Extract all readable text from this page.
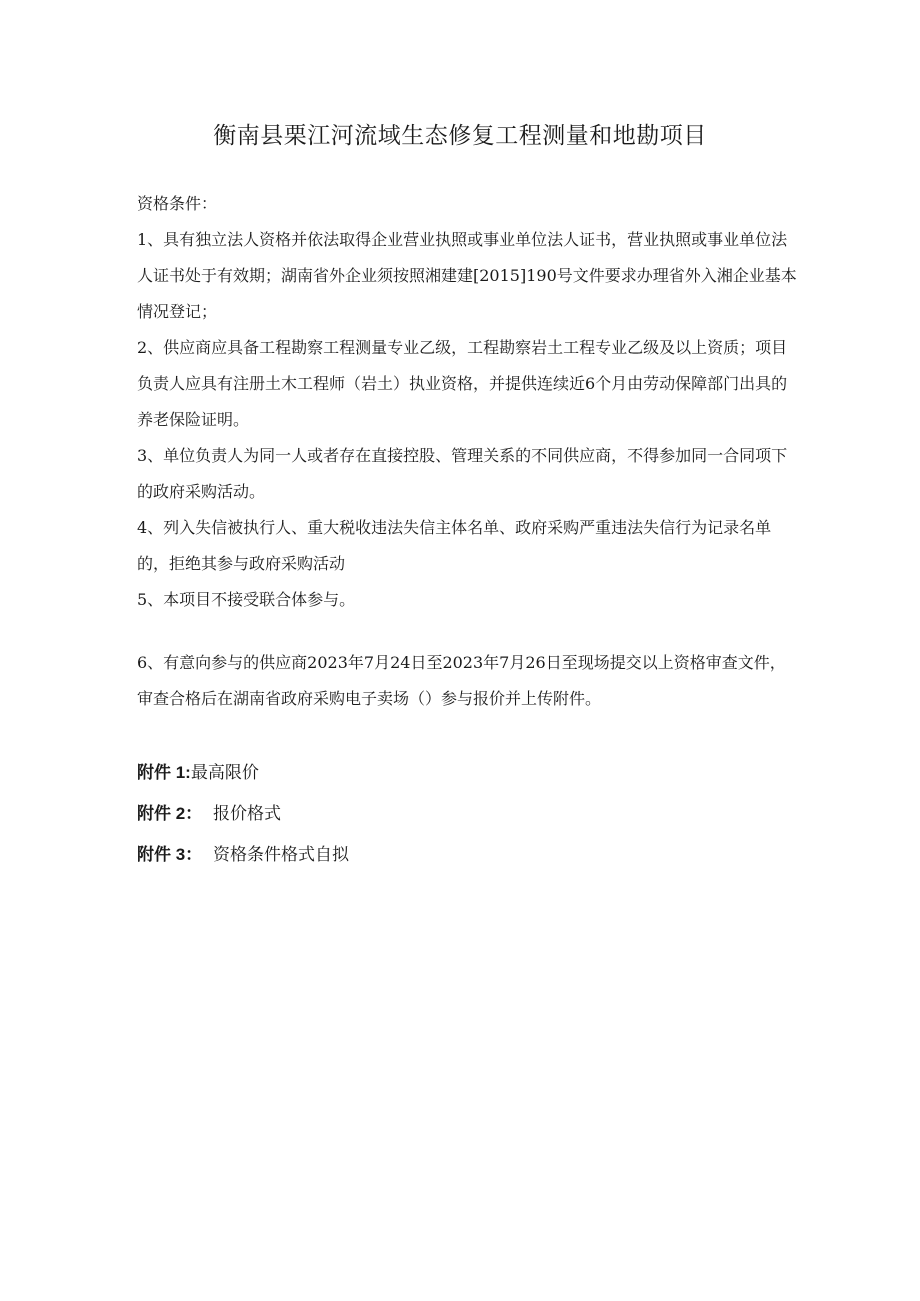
衡南县栗江河流域生态修复工程测量和地勘项目
资格条件：
1、具有独立法人资格并依法取得企业营业执照或事业单位法人证书，营业执照或事业单位法人证书处于有效期；湖南省外企业须按照湘建建[2015]190号文件要求办理省外入湘企业基本情况登记；
2、供应商应具备工程勘察工程测量专业乙级，工程勘察岩土工程专业乙级及以上资质；项目负责人应具有注册土木工程师（岩土）执业资格，并提供连续近6个月由劳动保障部门出具的养老保险证明。
3、单位负责人为同一人或者存在直接控股、管理关系的不同供应商，不得参加同一合同项下的政府采购活动。
4、列入失信被执行人、重大税收违法失信主体名单、政府采购严重违法失信行为记录名单的，拒绝其参与政府采购活动
5、本项目不接受联合体参与。
6、有意向参与的供应商2023年7月24日至2023年7月26日至现场提交以上资格审查文件，审查合格后在湖南省政府采购电子卖场（）参与报价并上传附件。
附件 1:最高限价
附件 2： 报价格式
附件 3： 资格条件格式自拟
